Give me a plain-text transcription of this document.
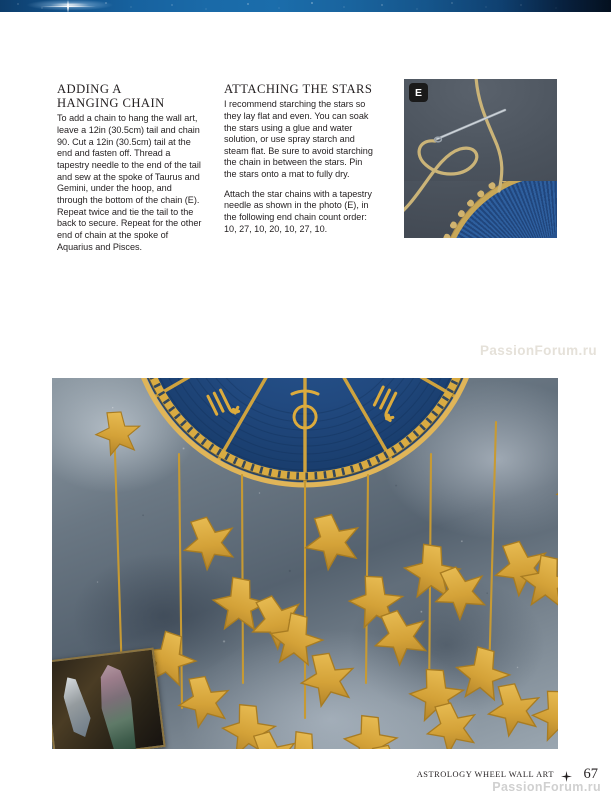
ADDING A
HANGING CHAIN

To add a chain to hang the wall art, leave a 12in (30.5cm) tail and chain 90. Cut a 12in (30.5cm) tail at the end and fasten off. Thread a tapestry needle to the end of the tail and sew at the spoke of Taurus and Gemini, under the hoop, and through the bottom of the chain (E). Repeat twice and tie the tail to the back to secure. Repeat for the other end of chain at the spoke of Aquarius and Pisces.

ATTACHING THE STARS

I recommend starching the stars so they lay flat and even. You can soak the stars using a glue and water solution, or use spray starch and steam flat. Be sure to avoid starching the chain in between the stars. Pin the stars onto a mat to fully dry.

Attach the star chains with a tapestry needle as shown in the photo (E), in the following end chain count order: 10, 27, 10, 20, 10, 27, 10.

E
PassionForum.ru
ASTROLOGY WHEEL WALL ART 67
PassionForum.ru
